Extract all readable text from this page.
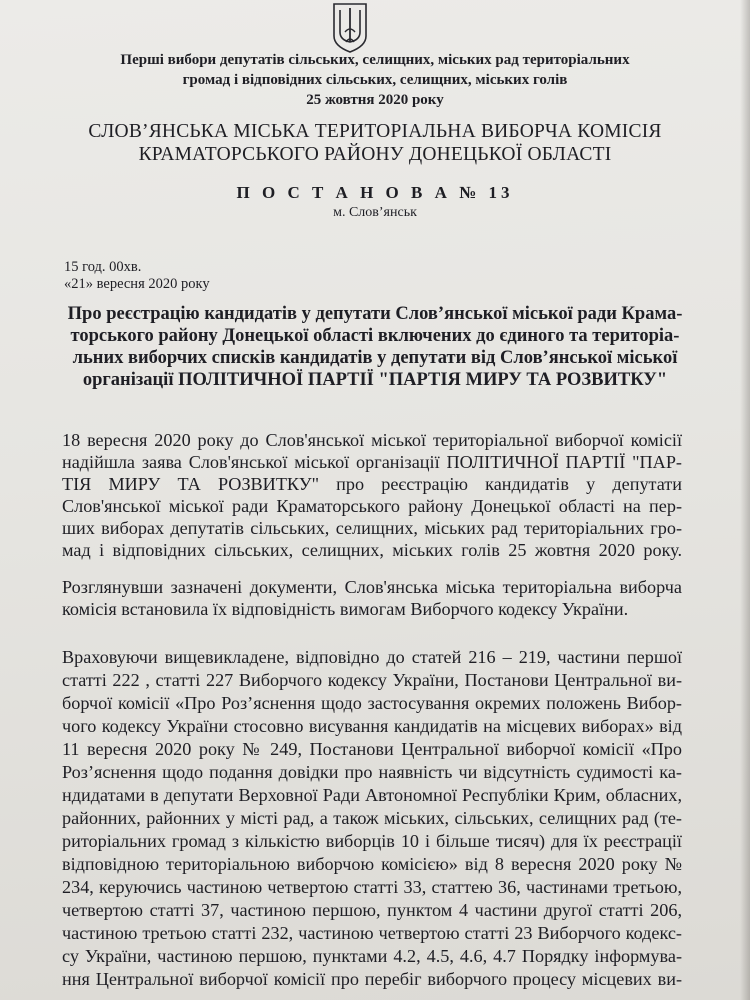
Перші вибори депутатів сільських, селищних, міських рад територіальних
громад і відповідних сільських, селищних, міських голів
25 жовтня 2020 року
СЛОВ’ЯНСЬКА МІСЬКА ТЕРИТОРІАЛЬНА ВИБОРЧА КОМІСІЯ
КРАМАТОРСЬКОГО РАЙОНУ ДОНЕЦЬКОЇ ОБЛАСТІ
П О С Т А Н О В А № 13
м. Слов’янськ
15 год. 00хв.
«21» вересня 2020 року
Про реєстрацію кандидатів у депутати Слов’янської міської ради Крама-
торського району Донецької області включених до єдиного та територіа-
льних виборчих списків кандидатів у депутати від Слов’янської міської
організації ПОЛІТИЧНОЇ ПАРТІЇ "ПАРТІЯ МИРУ ТА РОЗВИТКУ"
18 вересня 2020 року до Слов'янської міської територіальної виборчої комісії
надійшла заява Слов'янської міської організації ПОЛІТИЧНОЇ ПАРТІЇ "ПАР-
ТІЯ МИРУ ТА РОЗВИТКУ" про реєстрацію кандидатів у депутати
Слов'янської міської ради Краматорського району Донецької області на пер-
ших виборах депутатів сільських, селищних, міських рад територіальних гро-
мад і відповідних сільських, селищних, міських голів 25 жовтня 2020 року.
Розглянувши зазначені документи, Слов'янська міська територіальна виборча
комісія встановила їх відповідність вимогам Виборчого кодексу України.
Враховуючи вищевикладене, відповідно до статей 216 – 219, частини першої
статті 222 , статті 227 Виборчого кодексу України, Постанови Центральної ви-
борчої комісії «Про Роз’яснення щодо застосування окремих положень Вибор-
чого кодексу України стосовно висування кандидатів на місцевих виборах» від
11 вересня 2020 року № 249, Постанови Центральної виборчої комісії «Про
Роз’яснення щодо подання довідки про наявність чи відсутність судимості ка-
ндидатами в депутати Верховної Ради Автономної Республіки Крим, обласних,
районних, районних у місті рад, а також міських, сільських, селищних рад (те-
риторіальних громад з кількістю виборців 10 і більше тисяч) для їх реєстрації
відповідною територіальною виборчою комісією» від 8 вересня 2020 року №
234, керуючись частиною четвертою статті 33, статтею 36, частинами третьою,
четвертою статті 37, частиною першою, пунктом 4 частини другої статті 206,
частиною третьою статті 232, частиною четвертою статті 23 Виборчого кодекс-
су України, частиною першою, пунктами 4.2, 4.5, 4.6, 4.7 Порядку інформува-
ння Центральної виборчої комісії про перебіг виборчого процесу місцевих ви-
